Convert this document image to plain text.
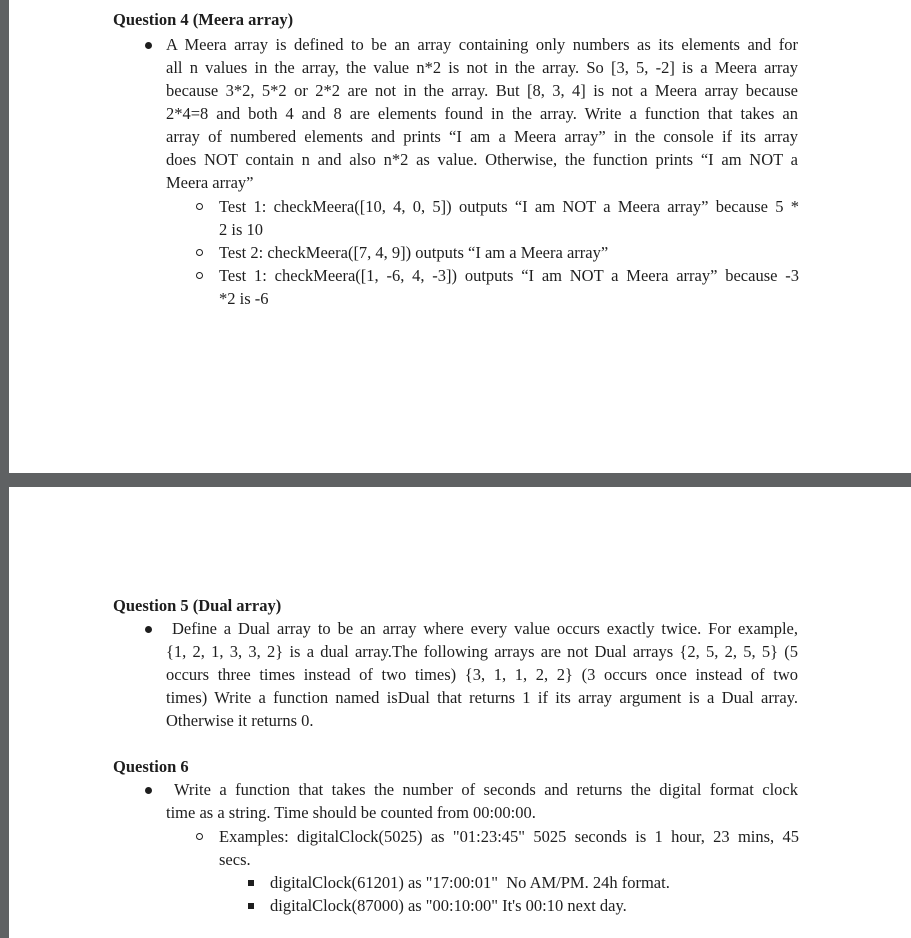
Question 4 (Meera array)

A Meera array is defined to be an array containing only numbers as its elements and for
all n values in the array, the value n*2 is not in the array. So [3, 5, -2] is a Meera array
because 3*2, 5*2 or 2*2 are not in the array. But [8, 3, 4] is not a Meera array because
2*4=8 and both 4 and 8 are elements found in the array. Write a function that takes an
array of numbered elements and prints “I am a Meera array” in the console if its array
does NOT contain n and also n*2 as value. Otherwise, the function prints “I am NOT a
Meera array”
Test 1: checkMeera([10, 4, 0, 5]) outputs “I am NOT a Meera array” because 5 *
2 is 10
Test 2: checkMeera([7, 4, 9]) outputs “I am a Meera array”
Test 1: checkMeera([1, -6, 4, -3]) outputs “I am NOT a Meera array” because -3
*2 is -6

Question 5 (Dual array)

Define a Dual array to be an array where every value occurs exactly twice. For example,
{1, 2, 1, 3, 3, 2} is a dual array.The following arrays are not Dual arrays {2, 5, 2, 5, 5} (5
occurs three times instead of two times) {3, 1, 1, 2, 2} (3 occurs once instead of two
times) Write a function named isDual that returns 1 if its array argument is a Dual array.
Otherwise it returns 0.

Question 6

Write a function that takes the number of seconds and returns the digital format clock
time as a string. Time should be counted from 00:00:00.
Examples: digitalClock(5025) as "01:23:45" 5025 seconds is 1 hour, 23 mins, 45
secs.
digitalClock(61201) as "17:00:01"  No AM/PM. 24h format.
digitalClock(87000) as "00:10:00" It's 00:10 next day.
